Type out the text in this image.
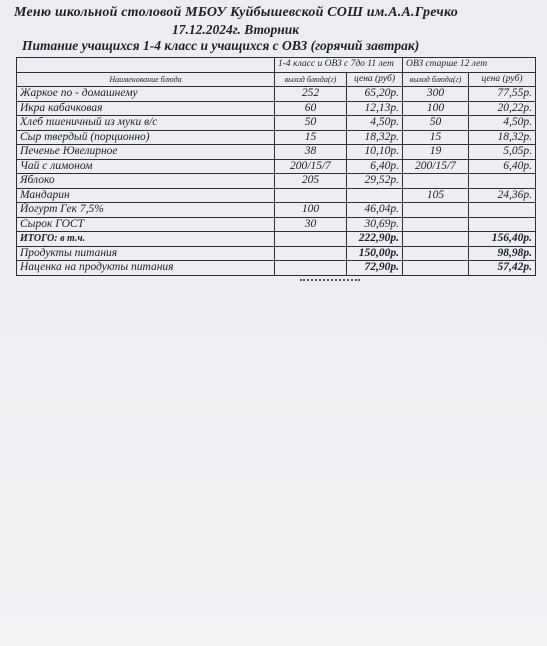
Меню школьной столовой МБОУ Куйбышевской СОШ им.А.А.Гречко
17.12.2024г. Вторник
Питание учащихся 1-4 класс и учащихся с ОВЗ (горячий завтрак)
	1-4 класс и ОВЗ с 7до 11 лет		ОВЗ старше 12 лет	
Наименование блюда	выход блюда(г)	цена (руб)	выход блюда(г)	цена (руб)
Жаркое по - домашнему	252	65,20р.	300	77,55р.
Икра кабачковая	60	12,13р.	100	20,22р.
Хлеб пшеничный из муки в/с	50	4,50р.	50	4,50р.
Сыр твердый (порционно)	15	18,32р.	15	18,32р.
Печенье Ювелирное	38	10,10р.	19	5,05р.
Чай с лимоном	200/15/7	6,40р.	200/15/7	6,40р.
Яблоко	205	29,52р.		
Мандарин			105	24,36р.
Йогурт Гек 7,5%	100	46,04р.		
Сырок ГОСТ	30	30,69р.		
ИТОГО: в т.ч.		222,90р.		156,40р.
Продукты питания		150,00р.		98,98р.
Наценка на продукты питания		72,90р.		57,42р.
